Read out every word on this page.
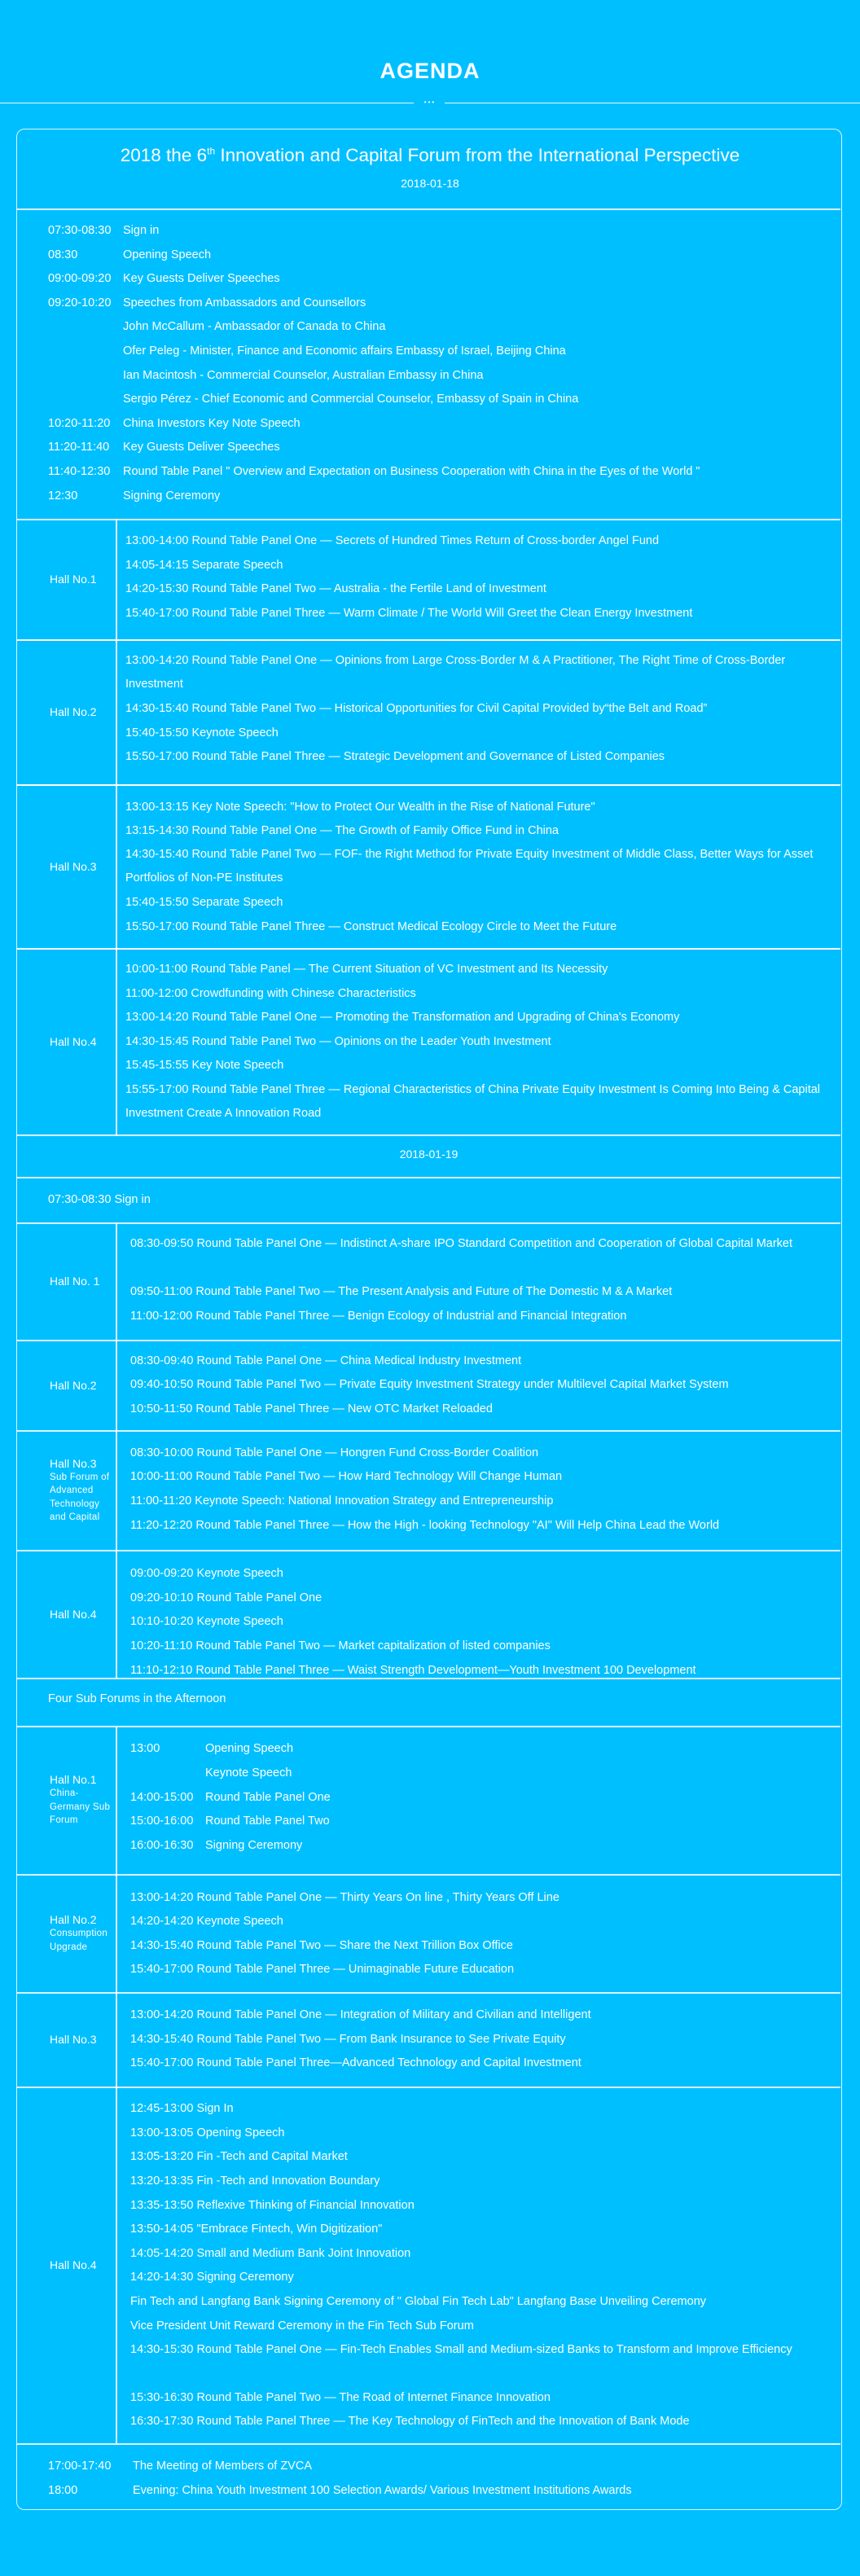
AGENDA
•••
2018 the 6th Innovation and Capital Forum from the International Perspective
2018-01-18
07:30-08:30 Sign in
08:30	Opening Speech
09:00-09:20 Key Guests Deliver Speeches
09:20-10:20 Speeches from Ambassadors and Counsellors
John McCallum - Ambassador of Canada to China
Ofer Peleg - Minister, Finance and Economic affairs Embassy of Israel, Beijing China
Ian Macintosh - Commercial Counselor, Australian Embassy in China
Sergio Pérez - Chief Economic and Commercial Counselor, Embassy of Spain in China
10:20-11:20 China Investors Key Note Speech
11:20-11:40 Key Guests Deliver Speeches
11:40-12:30 Round Table Panel " Overview and Expectation on Business Cooperation with China in the Eyes of the World "
12:30	Signing Ceremony
Hall No.1
13:00-14:00 Round Table Panel One — Secrets of Hundred Times Return of Cross-border Angel Fund
14:05-14:15 Separate Speech
14:20-15:30 Round Table Panel Two — Australia - the Fertile Land of Investment
15:40-17:00 Round Table Panel Three — Warm Climate / The World Will Greet the Clean Energy Investment
Hall No.2
13:00-14:20 Round Table Panel One — Opinions from Large Cross-Border M & A Practitioner, The Right Time of Cross-Border Investment
14:30-15:40 Round Table Panel Two — Historical Opportunities for Civil Capital Provided by“the Belt and Road”
15:40-15:50 Keynote Speech
15:50-17:00 Round Table Panel Three — Strategic Development and Governance of Listed Companies
Hall No.3
13:00-13:15 Key Note Speech: "How to Protect Our Wealth in the Rise of National Future"
13:15-14:30 Round Table Panel One — The Growth of Family Office Fund in China
14:30-15:40 Round Table Panel Two — FOF- the Right Method for Private Equity Investment of Middle Class, Better Ways for Asset Portfolios of Non-PE Institutes
15:40-15:50 Separate Speech
15:50-17:00 Round Table Panel Three — Construct Medical Ecology Circle to Meet the Future
Hall No.4
10:00-11:00 Round Table Panel — The Current Situation of VC Investment and Its Necessity
11:00-12:00 Crowdfunding with Chinese Characteristics
13:00-14:20 Round Table Panel One — Promoting the Transformation and Upgrading of China's Economy
14:30-15:45 Round Table Panel Two — Opinions on the Leader Youth Investment
15:45-15:55 Key Note Speech
15:55-17:00 Round Table Panel Three — Regional Characteristics of China Private Equity Investment Is Coming Into Being & Capital Investment Create A Innovation Road
2018-01-19
07:30-08:30 Sign in
Hall No. 1
08:30-09:50 Round Table Panel One — Indistinct A-share IPO Standard Competition and Cooperation of Global Capital Market
09:50-11:00 Round Table Panel Two — The Present Analysis and Future of The Domestic M & A Market
11:00-12:00 Round Table Panel Three — Benign Ecology of Industrial and Financial Integration
Hall No.2
08:30-09:40 Round Table Panel One — China Medical Industry Investment
09:40-10:50 Round Table Panel Two — Private Equity Investment Strategy under Multilevel Capital Market System
10:50-11:50 Round Table Panel Three — New OTC Market Reloaded
Hall No.3
Sub Forum of Advanced Technology and Capital
08:30-10:00 Round Table Panel One — Hongren Fund Cross-Border Coalition
10:00-11:00 Round Table Panel Two — How Hard Technology Will Change Human
11:00-11:20 Keynote Speech: National Innovation Strategy and Entrepreneurship
11:20-12:20 Round Table Panel Three — How the High - looking Technology "AI" Will Help China Lead the World
Hall No.4
09:00-09:20 Keynote Speech
09:20-10:10 Round Table Panel One
10:10-10:20 Keynote Speech
10:20-11:10 Round Table Panel Two — Market capitalization of listed companies
11:10-12:10 Round Table Panel Three — Waist Strength Development—Youth Investment 100 Development
Four Sub Forums in the Afternoon
Hall No.1
China-Germany Sub Forum
13:00	Opening Speech
Keynote Speech
14:00-15:00 Round Table Panel One
15:00-16:00 Round Table Panel Two
16:00-16:30 Signing Ceremony
Hall No.2
Consumption Upgrade
13:00-14:20 Round Table Panel One — Thirty Years On line , Thirty Years Off Line
14:20-14:20 Keynote Speech
14:30-15:40 Round Table Panel Two — Share the Next Trillion Box Office
15:40-17:00 Round Table Panel Three — Unimaginable Future Education
Hall No.3
13:00-14:20 Round Table Panel One — Integration of Military and Civilian and Intelligent
14:30-15:40 Round Table Panel Two — From Bank Insurance to See Private Equity
15:40-17:00 Round Table Panel Three—Advanced Technology and Capital Investment
Hall No.4
12:45-13:00 Sign In
13:00-13:05 Opening Speech
13:05-13:20 Fin -Tech and Capital Market
13:20-13:35 Fin -Tech and Innovation Boundary
13:35-13:50 Reflexive Thinking of Financial Innovation
13:50-14:05 "Embrace Fintech, Win Digitization"
14:05-14:20 Small and Medium Bank Joint Innovation
14:20-14:30 Signing Ceremony
Fin Tech and Langfang Bank Signing Ceremony of " Global Fin Tech Lab" Langfang Base Unveiling Ceremony
Vice President Unit Reward Ceremony in the Fin Tech Sub Forum
14:30-15:30 Round Table Panel One — Fin-Tech Enables Small and Medium-sized Banks to Transform and Improve Efficiency
15:30-16:30 Round Table Panel Two — The Road of Internet Finance Innovation
16:30-17:30 Round Table Panel Three — The Key Technology of FinTech and the Innovation of Bank Mode
17:00-17:40 The Meeting of Members of ZVCA
18:00	Evening: China Youth Investment 100 Selection Awards/ Various Investment Institutions Awards
